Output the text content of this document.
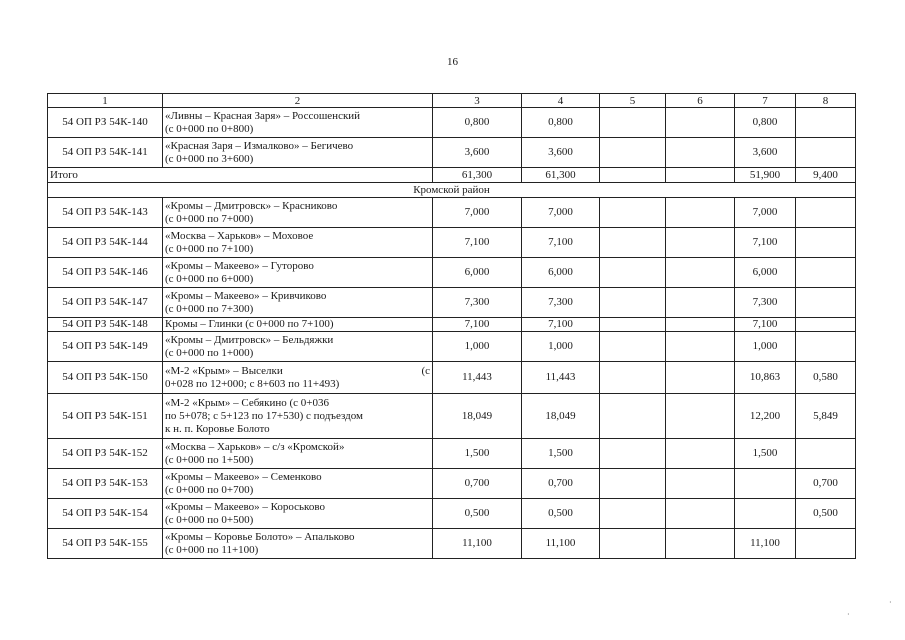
16
1	2	3	4	5	6	7	8
54 ОП РЗ 54К-140	«Ливны – Красная Заря» – Россошенский
(с 0+000 по 0+800)	0,800	0,800			0,800	
54 ОП РЗ 54К-141	«Красная Заря – Измалково» – Бегичево
(с 0+000 по 3+600)	3,600	3,600			3,600	
Итого		61,300	61,300			51,900	9,400
Кромской район							
54 ОП РЗ 54К-143	«Кромы – Дмитровск» – Красниково
(с 0+000 по 7+000)	7,000	7,000			7,000	
54 ОП РЗ 54К-144	«Москва – Харьков» – Моховое
(с 0+000 по 7+100)	7,100	7,100			7,100	
54 ОП РЗ 54К-146	«Кромы – Макеево» – Гуторово
(с 0+000 по 6+000)	6,000	6,000			6,000	
54 ОП РЗ 54К-147	«Кромы – Макеево» – Кривчиково
(с 0+000 по 7+300)	7,300	7,300			7,300	
54 ОП РЗ 54К-148	Кромы – Глинки (с 0+000 по 7+100)	7,100	7,100			7,100	
54 ОП РЗ 54К-149	«Кромы – Дмитровск» – Бельдяжки
(с 0+000 по 1+000)	1,000	1,000			1,000	
54 ОП РЗ 54К-150	«М-2 «Крым» – Выселки (с
0+028 по 12+000; с 8+603 по 11+493)	11,443	11,443			10,863	0,580
54 ОП РЗ 54К-151	«М-2 «Крым» – Себякино (с 0+036
по 5+078; с 5+123 по 17+530) с подъездом
к н. п. Коровье Болото	18,049	18,049			12,200	5,849
54 ОП РЗ 54К-152	«Москва – Харьков» – с/з «Кромской»
(с 0+000 по 1+500)	1,500	1,500			1,500	
54 ОП РЗ 54К-153	«Кромы – Макеево» – Семенково
(с 0+000 по 0+700)	0,700	0,700				0,700
54 ОП РЗ 54К-154	«Кромы – Макеево» – Короськово
(с 0+000 по 0+500)	0,500	0,500				0,500
54 ОП РЗ 54К-155	«Кромы – Коровье Болото» – Апальково
(с 0+000 по 11+100)	11,100	11,100			11,100	
·
·
